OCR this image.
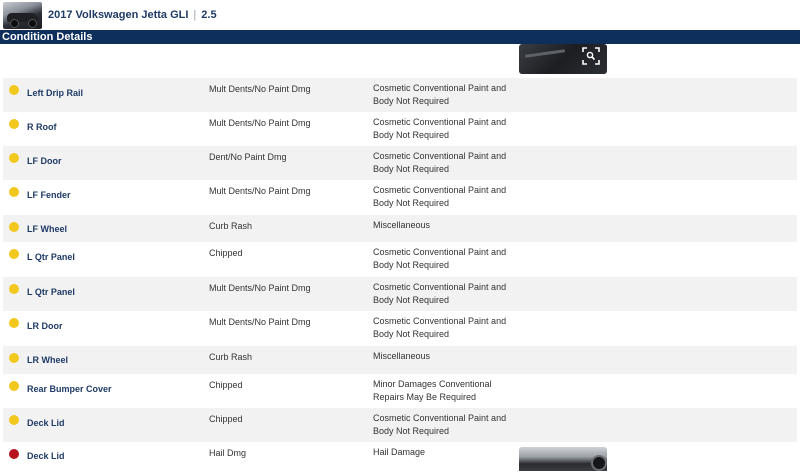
2017 Volkswagen Jetta GLI | 2.5
Condition Details
Left Drip Rail	Mult Dents/No Paint Dmg	Cosmetic Conventional Paint and Body Not Required
R Roof	Mult Dents/No Paint Dmg	Cosmetic Conventional Paint and Body Not Required
LF Door	Dent/No Paint Dmg	Cosmetic Conventional Paint and Body Not Required
LF Fender	Mult Dents/No Paint Dmg	Cosmetic Conventional Paint and Body Not Required
LF Wheel	Curb Rash	Miscellaneous
L Qtr Panel	Chipped	Cosmetic Conventional Paint and Body Not Required
L Qtr Panel	Mult Dents/No Paint Dmg	Cosmetic Conventional Paint and Body Not Required
LR Door	Mult Dents/No Paint Dmg	Cosmetic Conventional Paint and Body Not Required
LR Wheel	Curb Rash	Miscellaneous
Rear Bumper Cover	Chipped	Minor Damages Conventional Repairs May Be Required
Deck Lid	Chipped	Cosmetic Conventional Paint and Body Not Required
Deck Lid	Hail Dmg	Hail Damage
